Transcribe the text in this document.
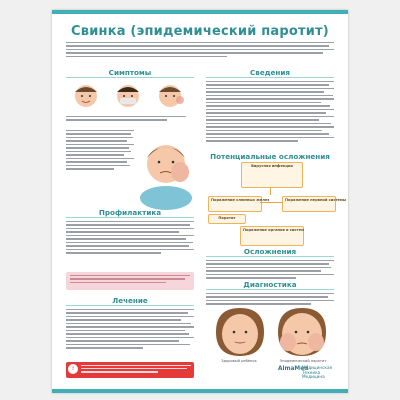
Свинка (эпидемический паротит)
Симптомы
Профилактика
Лечение
!
Сведения
Потенциальные осложнения
Вирусная инфекция
Поражение слюнных желез	Поражение нервной системы
Паротит
Поражение органов и систем
Осложнения
Диагностика
Здоровый ребёнок	Эпидемический паротит
AlmaMed
Медицинская Техника Медицина
